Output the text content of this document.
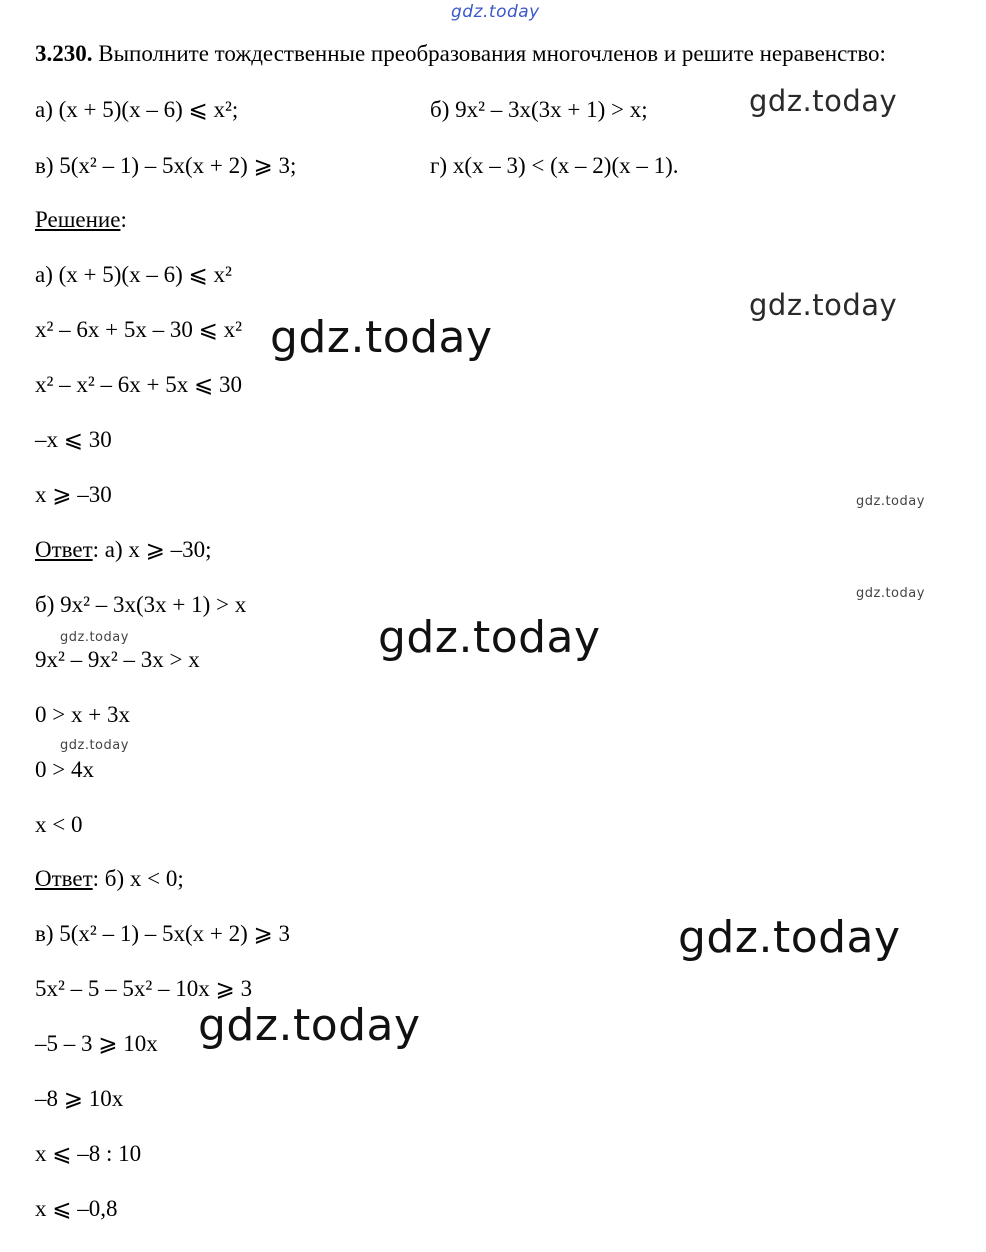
3.230. Выполните тождественные преобразования многочленов и решите неравенство:
а) (x + 5)(x – 6) ⩽ x²;	б) 9x² – 3x(3x + 1) > x;
в) 5(x² – 1) – 5x(x + 2) ⩾ 3;	г) x(x – 3) < (x – 2)(x – 1).
Решение:
а) (x + 5)(x – 6) ⩽ x²
x² – 6x + 5x – 30 ⩽ x²
x² – x² – 6x + 5x ⩽ 30
–x ⩽ 30
x ⩾ –30
Ответ: а) x ⩾ –30;
б) 9x² – 3x(3x + 1) > x
9x² – 9x² – 3x > x
0 > x + 3x
0 > 4x
x < 0
Ответ: б) x < 0;
в) 5(x² – 1) – 5x(x + 2) ⩾ 3
5x² – 5 – 5x² – 10x ⩾ 3
–5 – 3 ⩾ 10x
–8 ⩾ 10x
x ⩽ –8 : 10
x ⩽ –0,8
gdz.today
gdz.today
gdz.today
gdz.today
gdz.today
gdz.today
gdz.today
gdz.today
gdz.today
gdz.today
gdz.today
